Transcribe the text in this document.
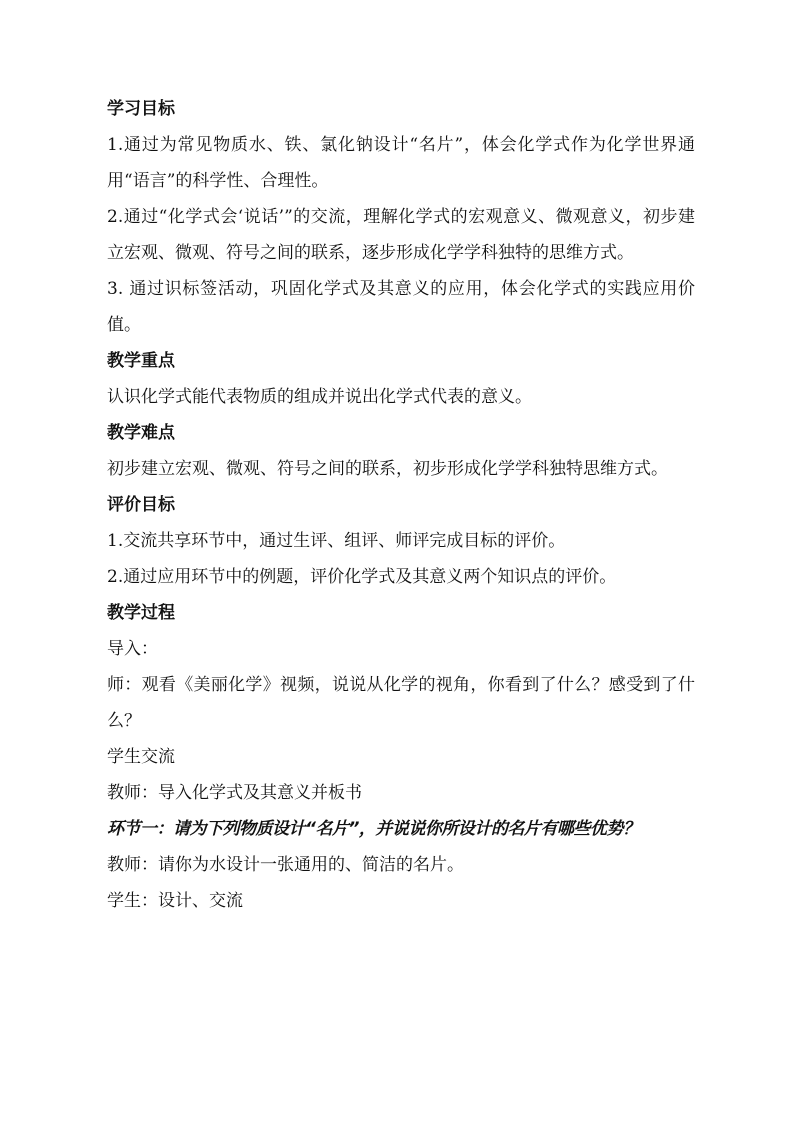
学习目标

1.通过为常见物质水、铁、氯化钠设计“名片”，体会化学式作为化学世界通用“语言”的科学性、合理性。

2.通过“化学式会‘说话’”的交流，理解化学式的宏观意义、微观意义，初步建立宏观、微观、符号之间的联系，逐步形成化学学科独特的思维方式。

3. 通过识标签活动，巩固化学式及其意义的应用，体会化学式的实践应用价值。

教学重点

认识化学式能代表物质的组成并说出化学式代表的意义。

教学难点

初步建立宏观、微观、符号之间的联系，初步形成化学学科独特思维方式。

评价目标

1.交流共享环节中，通过生评、组评、师评完成目标的评价。

2.通过应用环节中的例题，评价化学式及其意义两个知识点的评价。

教学过程

导入：

师：观看《美丽化学》视频，说说从化学的视角，你看到了什么？感受到了什么？

学生交流

教师：导入化学式及其意义并板书

环节一：请为下列物质设计“名片”，并说说你所设计的名片有哪些优势？

教师：请你为水设计一张通用的、简洁的名片。

学生：设计、交流
